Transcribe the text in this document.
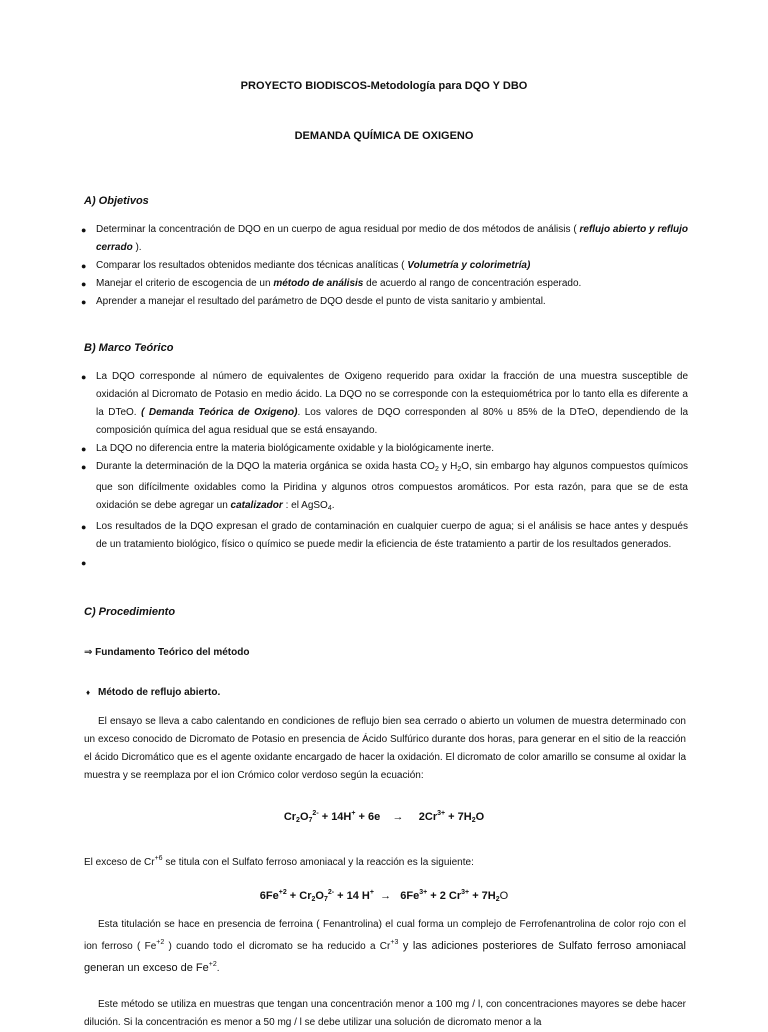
PROYECTO BIODISCOS-Metodología para DQO Y DBO
DEMANDA QUÍMICA DE OXIGENO
A) Objetivos
● Determinar la concentración de DQO en un cuerpo de agua residual por medio de dos métodos de análisis ( reflujo abierto y reflujo cerrado ).
● Comparar los resultados obtenidos mediante dos técnicas analíticas ( Volumetría y colorimetría)
● Manejar el criterio de escogencia de un método de análisis de acuerdo al rango de concentración esperado.
● Aprender a manejar el resultado del parámetro de DQO desde el punto de vista sanitario y ambiental.
B) Marco Teórico
● La DQO corresponde al número de equivalentes de Oxigeno requerido para oxidar la fracción de una muestra susceptible de oxidación al Dicromato de Potasio en medio ácido. La DQO no se corresponde con la estequiométrica por lo tanto ella es diferente a la DTeO. ( Demanda Teórica de Oxigeno). Los valores de DQO corresponden al 80% u 85% de la DTeO, dependiendo de la composición química del agua residual que se está ensayando.
● La DQO no diferencia entre la materia biológicamente oxidable y la biológicamente inerte.
● Durante la determinación de la DQO la materia orgánica se oxida hasta $CO_2$ y $H_2O$, sin embargo hay algunos compuestos químicos que son difícilmente oxidables como la Piridina y algunos otros compuestos aromáticos. Por esta razón, para que se de esta oxidación se debe agregar un catalizador : el AgSO$_4$.
● Los resultados de la DQO expresan el grado de contaminación en cualquier cuerpo de agua; si el análisis se hace antes y después de un tratamiento biológico, físico o químico se puede medir la eficiencia de éste tratamiento a partir de los resultados generados.
●

C) Procedimiento
⇒ Fundamento Teórico del método
♦ Método de reflujo abierto.
El ensayo se lleva a cabo calentando en condiciones de reflujo bien sea cerrado o abierto un volumen de muestra determinado con un exceso conocido de Dicromato de Potasio en presencia de Ácido Sulfúrico durante dos horas, para generar en el sitio de la reacción el ácido Dicromático que es el agente oxidante encargado de hacer la oxidación. El dicromato de color amarillo se consume al oxidar la muestra y se reemplaza por el ion Crómico color verdoso según la ecuación:
$Cr_2O_7^{2-} + 14H^+ + 6e \to 2Cr^{3+} + 7H_2O$
El exceso de $Cr^{+6}$ se titula con el Sulfato ferroso amoniacal y la reacción es la siguiente:
$6Fe^{+2} + Cr_2O_7^{2-} + 14$ $H^+ \to 6Fe^{3+} + 2$ $Cr^{3+} + 7H_2O$
Esta titulación se hace en presencia de ferroina ( Fenantrolina) el cual forma un complejo de Ferrofenantrolina de color rojo con el ion ferroso ( $Fe^{+2}$ ) cuando todo el dicromato se ha reducido a $Cr^{+3}$ y las adiciones posteriores de Sulfato ferroso amoniacal generan un exceso de $Fe^{+2}$.
Este método se utiliza en muestras que tengan una concentración menor a 100 mg / l, con concentraciones mayores se debe hacer dilución. Si la concentración es menor a 50 mg / l se debe utilizar una solución de dicromato menor a la
